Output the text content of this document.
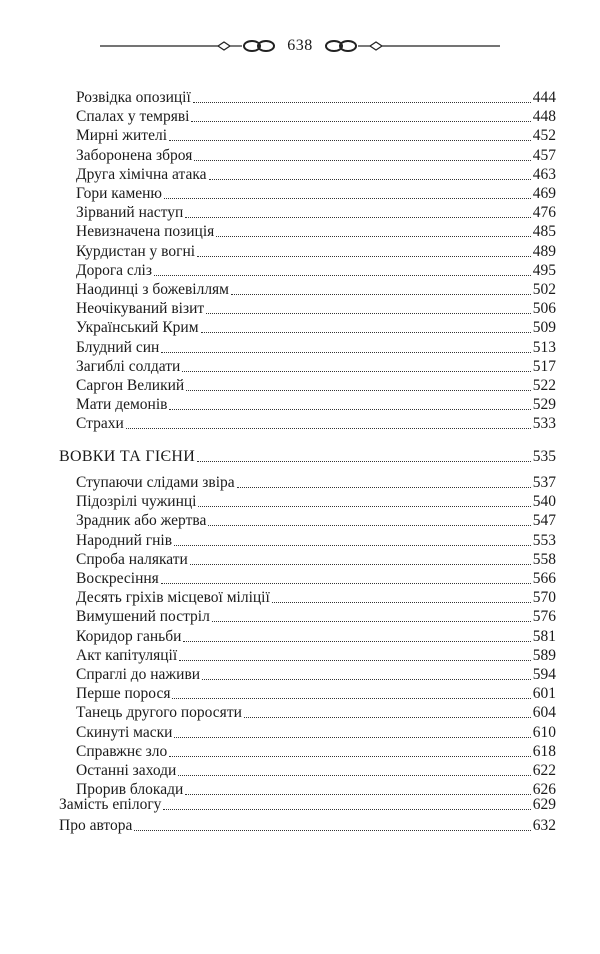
638
Розвідка опозиції	444
Спалах у темряві	448
Мирні жителі	452
Заборонена зброя	457
Друга хімічна атака	463
Гори каменю	469
Зірваний наступ	476
Невизначена позиція	485
Курдистан у вогні	489
Дорога сліз	495
Наодинці з божевіллям	502
Неочікуваний візит	506
Український Крим	509
Блудний син	513
Загиблі солдати	517
Саргон Великий	522
Мати демонів	529
Страхи	533
ВОВКИ ТА ГІЄНИ	535
Ступаючи слідами звіра	537
Підозрілі чужинці	540
Зрадник або жертва	547
Народний гнів	553
Спроба налякати	558
Воскресіння	566
Десять гріхів місцевої міліції	570
Вимушений постріл	576
Коридор ганьби	581
Акт капітуляції	589
Спраглі до наживи	594
Перше порося	601
Танець другого поросяти	604
Скинуті маски	610
Справжнє зло	618
Останні заходи	622
Прорив блокади	626
Замість епілогу	629
Про автора	632
